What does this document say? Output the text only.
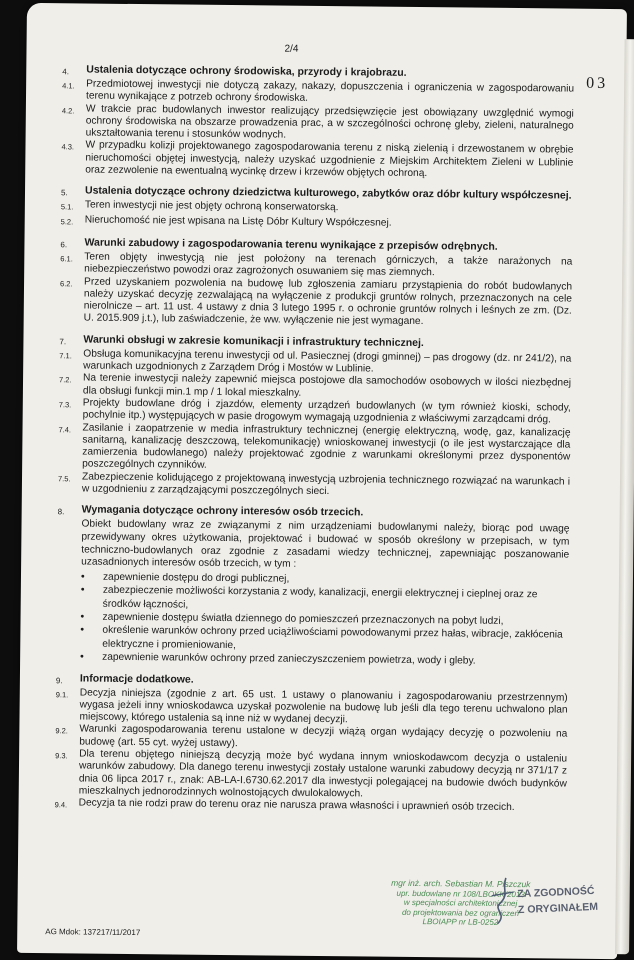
2/4
03
4.	Ustalenia dotyczące ochrony środowiska, przyrody i krajobrazu.
4.1.	Przedmiotowej inwestycji nie dotyczą zakazy, nakazy, dopuszczenia i ograniczenia w zagospodarowaniu terenu wynikające z potrzeb ochrony środowiska.
4.2.	W trakcie prac budowlanych inwestor realizujący przedsięwzięcie jest obowiązany uwzględnić wymogi ochrony środowiska na obszarze prowadzenia prac, a w szczególności ochronę gleby, zieleni, naturalnego ukształtowania terenu i stosunków wodnych.
4.3.	W przypadku kolizji projektowanego zagospodarowania terenu z niską zielenią i drzewostanem w obrębie nieruchomości objętej inwestycją, należy uzyskać uzgodnienie z Miejskim Architektem Zieleni w Lublinie oraz zezwolenie na ewentualną wycinkę drzew i krzewów objętych ochroną.
5.	Ustalenia dotyczące ochrony dziedzictwa kulturowego, zabytków oraz dóbr kultury współczesnej.
5.1.	Teren inwestycji nie jest objęty ochroną konserwatorską.
5.2.	Nieruchomość nie jest wpisana na Listę Dóbr Kultury Współczesnej.
6.	Warunki zabudowy i zagospodarowania terenu wynikające z przepisów odrębnych.
6.1.	Teren objęty inwestycją nie jest położony na terenach górniczych, a także narażonych na niebezpieczeństwo powodzi oraz zagrożonych osuwaniem się mas ziemnych.
6.2.	Przed uzyskaniem pozwolenia na budowę lub zgłoszenia zamiaru przystąpienia do robót budowlanych należy uzyskać decyzję zezwalającą na wyłączenie z produkcji gruntów rolnych, przeznaczonych na cele nierolnicze – art. 11 ust. 4 ustawy z dnia 3 lutego 1995 r. o ochronie gruntów rolnych i leśnych ze zm. (Dz. U. 2015.909 j.t.), lub zaświadczenie, że ww. wyłączenie nie jest wymagane.
7.	Warunki obsługi w zakresie komunikacji i infrastruktury technicznej.
7.1.	Obsługa komunikacyjna terenu inwestycji od ul. Pasiecznej (drogi gminnej) – pas drogowy (dz. nr 241/2), na warunkach uzgodnionych z Zarządem Dróg i Mostów w Lublinie.
7.2.	Na terenie inwestycji należy zapewnić miejsca postojowe dla samochodów osobowych w ilości niezbędnej dla obsługi funkcji min.1 mp / 1 lokal mieszkalny.
7.3.	Projekty budowlane dróg i zjazdów, elementy urządzeń budowlanych (w tym również kioski, schody, pochylnie itp.) występujących w pasie drogowym wymagają uzgodnienia z właściwymi zarządcami dróg.
7.4.	Zasilanie i zaopatrzenie w media infrastruktury technicznej (energię elektryczną, wodę, gaz, kanalizację sanitarną, kanalizację deszczową, telekomunikację) wnioskowanej inwestycji (o ile jest wystarczające dla zamierzenia budowlanego) należy projektować zgodnie z warunkami określonymi przez dysponentów poszczególnych czynników.
7.5.	Zabezpieczenie kolidującego z projektowaną inwestycją uzbrojenia technicznego rozwiązać na warunkach i w uzgodnieniu z zarządzającymi poszczególnych sieci.
8.	Wymagania dotyczące ochrony interesów osób trzecich.
Obiekt budowlany wraz ze związanymi z nim urządzeniami budowlanymi należy, biorąc pod uwagę przewidywany okres użytkowania, projektować i budować w sposób określony w przepisach, w tym techniczno-budowlanych oraz zgodnie z zasadami wiedzy technicznej, zapewniając poszanowanie uzasadnionych interesów osób trzecich, w tym :
•	zapewnienie dostępu do drogi publicznej,
•	zabezpieczenie możliwości korzystania z wody, kanalizacji, energii elektrycznej i cieplnej oraz ze środków łączności,
•	zapewnienie dostępu światła dziennego do pomieszczeń przeznaczonych na pobyt ludzi,
•	określenie warunków ochrony przed uciążliwościami powodowanymi przez hałas, wibracje, zakłócenia elektryczne i promieniowanie,
•	zapewnienie warunków ochrony przed zanieczyszczeniem powietrza, wody i gleby.
9.	Informacje dodatkowe.
9.1.	Decyzja niniejsza (zgodnie z art. 65 ust. 1 ustawy o planowaniu i zagospodarowaniu przestrzennym) wygasa jeżeli inny wnioskodawca uzyskał pozwolenie na budowę lub jeśli dla tego terenu uchwalono plan miejscowy, którego ustalenia są inne niż w wydanej decyzji.
9.2.	Warunki zagospodarowania terenu ustalone w decyzji wiążą organ wydający decyzję o pozwoleniu na budowę (art. 55 cyt. wyżej ustawy).
9.3.	Dla terenu objętego niniejszą decyzją może być wydana innym wnioskodawcom decyzja o ustaleniu warunków zabudowy. Dla danego terenu inwestycji zostały ustalone warunki zabudowy decyzją nr 371/17 z dnia 06 lipca 2017 r., znak: AB-LA-I.6730.62.2017 dla inwestycji polegającej na budowie dwóch budynków mieszkalnych jednorodzinnych wolnostojących dwulokalowych.
9.4.	Decyzja ta nie rodzi praw do terenu oraz nie narusza prawa własności i uprawnień osób trzecich.
AG Mdok: 137217/11/2017
mgr inż. arch. Sebastian M. Piszczuk
upr. budowlane nr 108/LBOKK/2013
w specjalności architektonicznej
do projektowania bez ograniczeń
LBOIAPP nr LB-0252
ZA ZGODNOŚĆ
Z ORYGINAŁEM
